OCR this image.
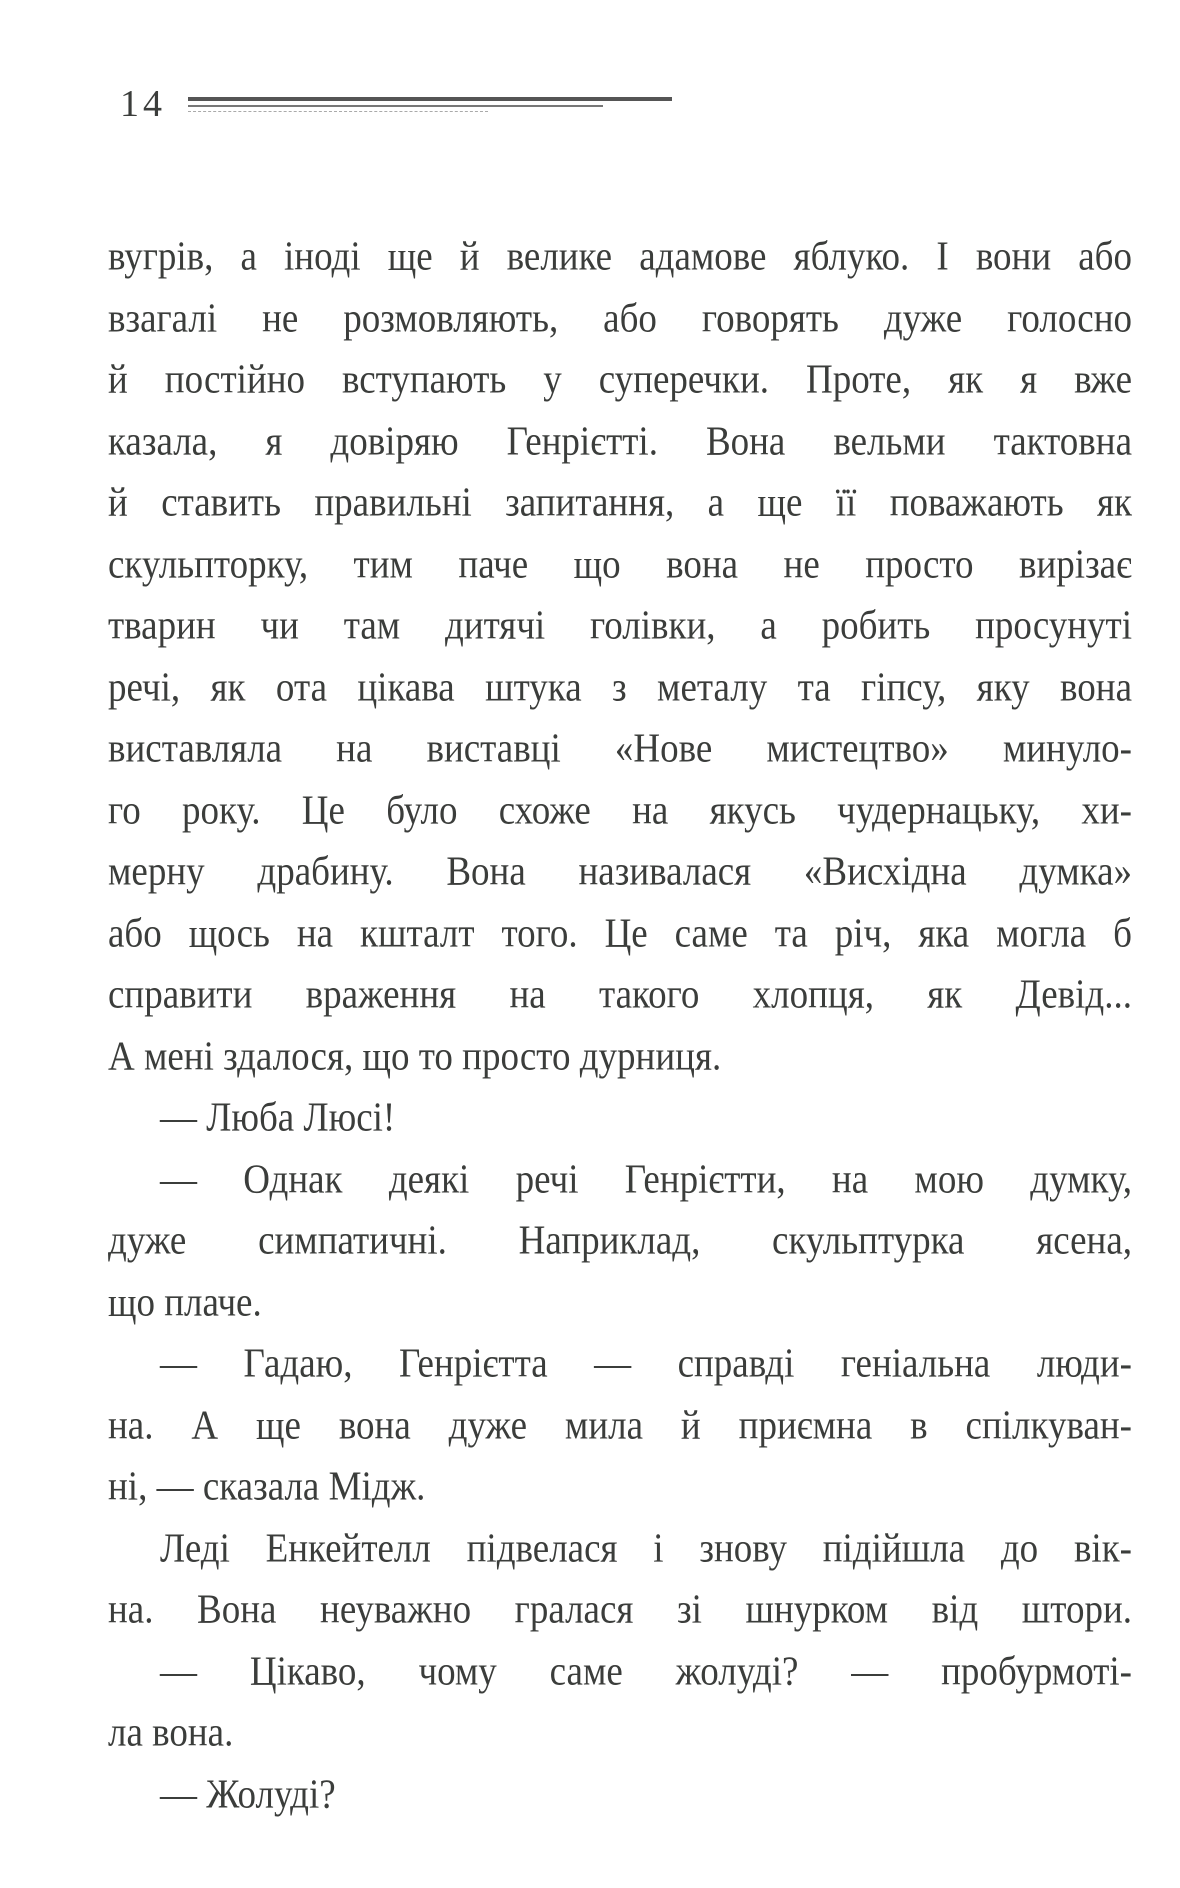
14
вугрів, а іноді ще й велике адамове яблуко. І вони або
взагалі не розмовляють, або говорять дуже голосно
й постійно вступають у суперечки. Проте, як я вже
казала, я довіряю Генрієтті. Вона вельми тактовна
й ставить правильні запитання, а ще її поважають як
скульпторку, тим паче що вона не просто вирізає
тварин чи там дитячі голівки, а робить просунуті
речі, як ота цікава штука з металу та гіпсу, яку вона
виставляла на виставці «Нове мистецтво» минуло-
го року. Це було схоже на якусь чудернацьку, хи-
мерну драбину. Вона називалася «Висхідна думка»
або щось на кшталт того. Це саме та річ, яка могла б
справити враження на такого хлопця, як Девід...
А мені здалося, що то просто дурниця.
— Люба Люсі!
— Однак деякі речі Генрієтти, на мою думку,
дуже симпатичні. Наприклад, скульптурка ясена,
що плаче.
— Гадаю, Генрієтта — справді геніальна люди-
на. А ще вона дуже мила й приємна в спілкуван-
ні, — сказала Мідж.
Леді Енкейтелл підвелася і знову підійшла до вік-
на. Вона неуважно гралася зі шнурком від штори.
— Цікаво, чому саме жолуді? — пробурмоті-
ла вона.
— Жолуді?
